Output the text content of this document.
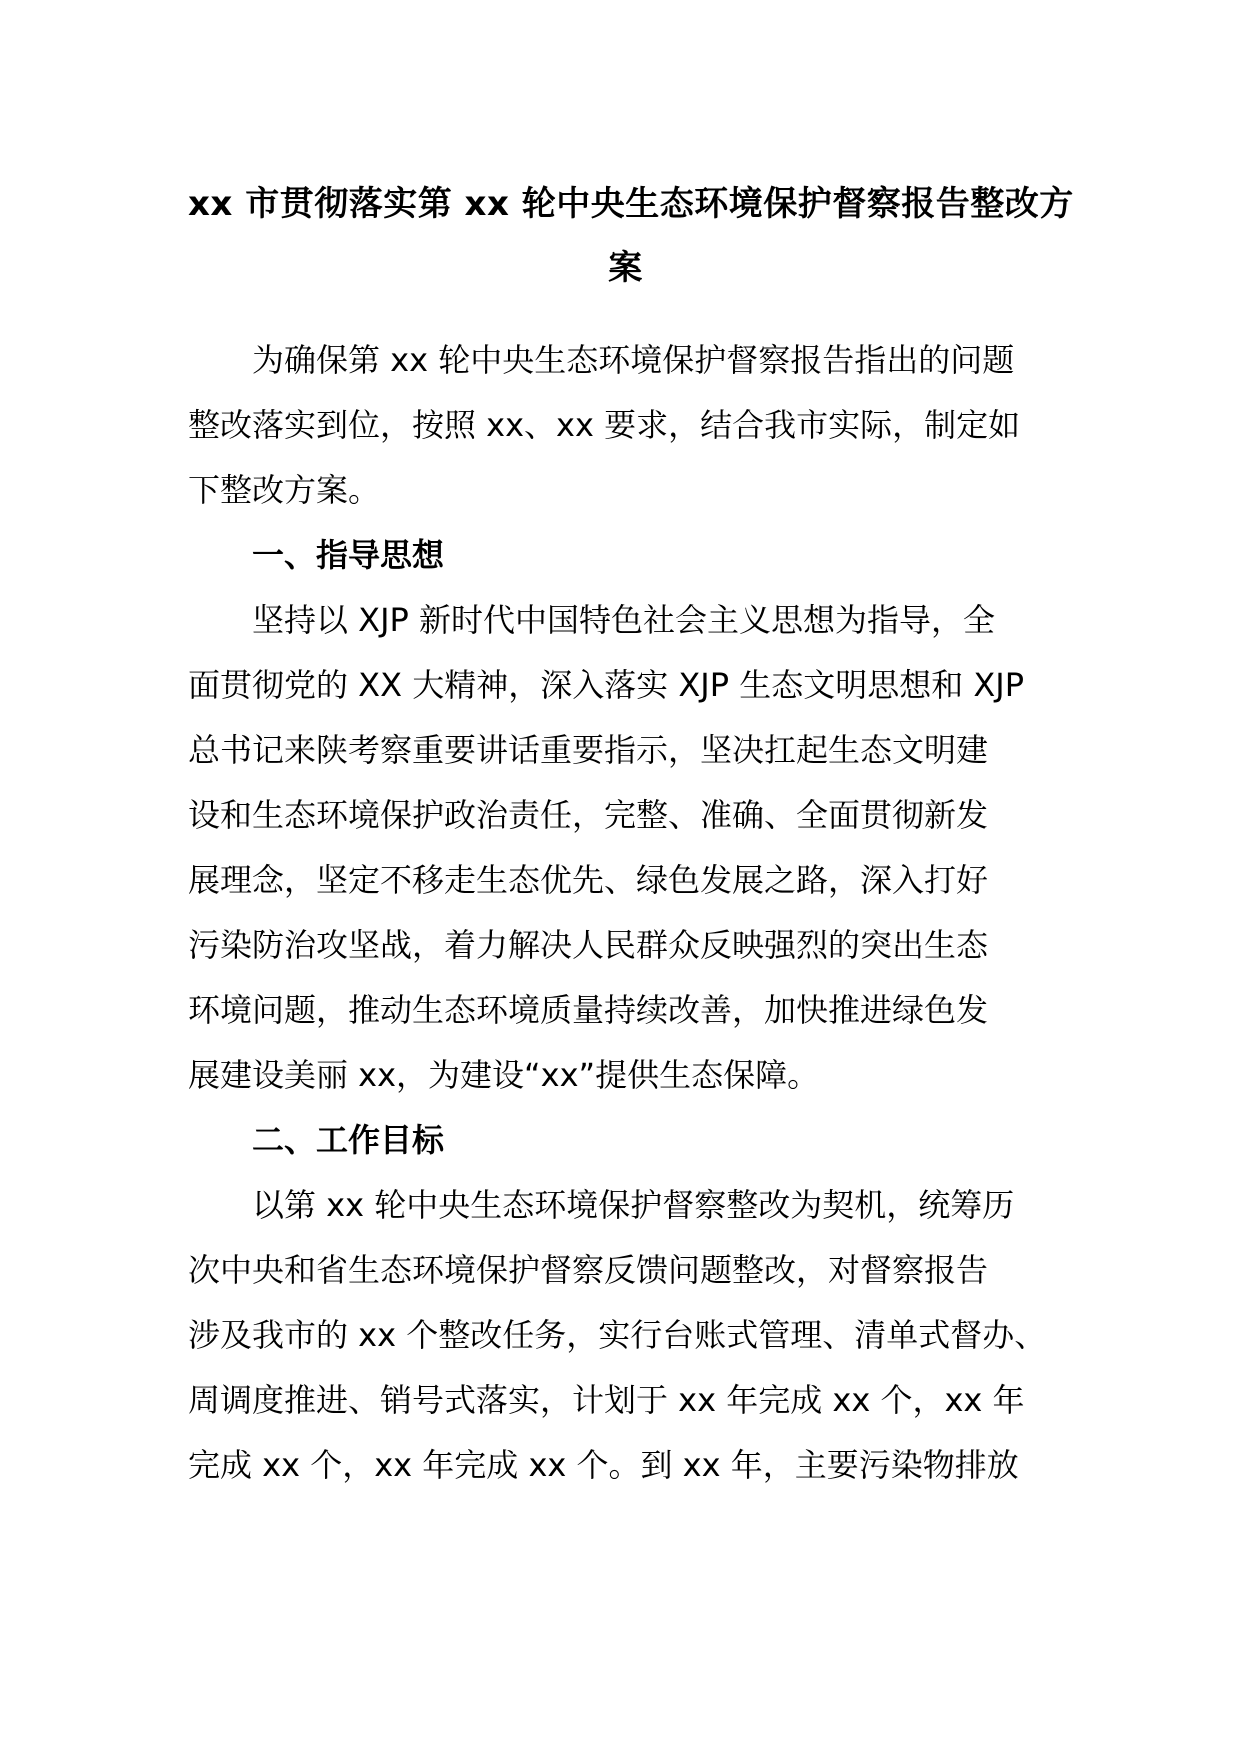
xx 市贯彻落实第 xx 轮中央生态环境保护督察报告整改方
案

为确保第 xx 轮中央生态环境保护督察报告指出的问题
整改落实到位，按照 xx、xx 要求，结合我市实际，制定如
下整改方案。

一、指导思想

坚持以 XJP 新时代中国特色社会主义思想为指导，全
面贯彻党的 XX 大精神，深入落实 XJP 生态文明思想和 XJP
总书记来陕考察重要讲话重要指示，坚决扛起生态文明建
设和生态环境保护政治责任，完整、准确、全面贯彻新发
展理念，坚定不移走生态优先、绿色发展之路，深入打好
污染防治攻坚战，着力解决人民群众反映强烈的突出生态
环境问题，推动生态环境质量持续改善，加快推进绿色发
展建设美丽 xx，为建设“xx”提供生态保障。

二、工作目标

以第 xx 轮中央生态环境保护督察整改为契机，统筹历
次中央和省生态环境保护督察反馈问题整改，对督察报告
涉及我市的 xx 个整改任务，实行台账式管理、清单式督办、
周调度推进、销号式落实，计划于 xx 年完成 xx 个，xx 年
完成 xx 个，xx 年完成 xx 个。到 xx 年，主要污染物排放
